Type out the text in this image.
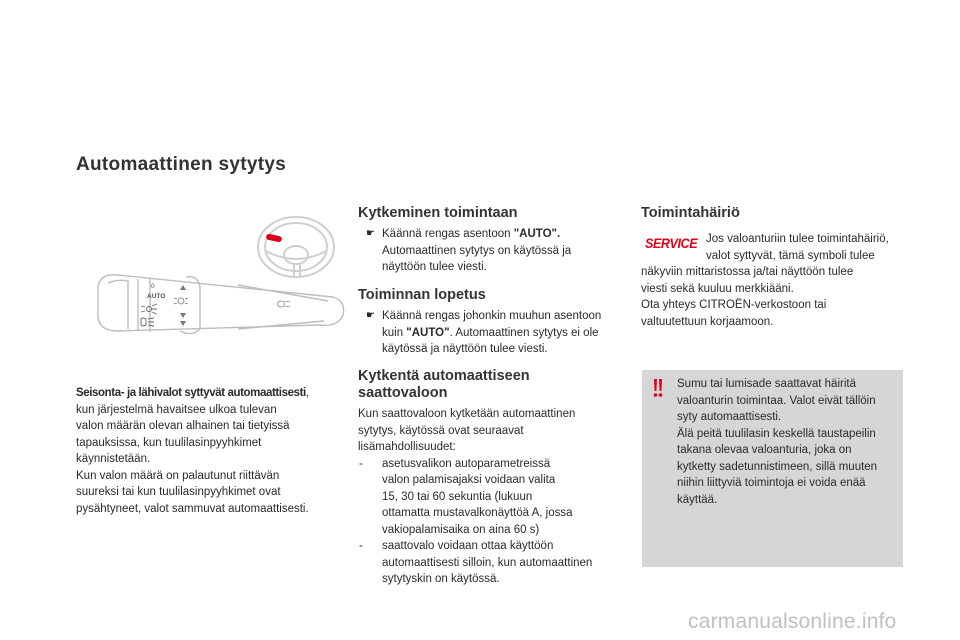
Automaattinen sytytys
AUTO
0

Seisonta- ja lähivalot syttyvät automaattisesti,

kun järjestelmä havaitsee ulkoa tulevan

valon määrän olevan alhainen tai tietyissä

tapauksissa, kun tuulilasinpyyhkimet

käynnistetään.

Kun valon määrä on palautunut riittävän

suureksi tai kun tuulilasinpyyhkimet ovat

pysähtyneet, valot sammuvat automaattisesti.

Kytkeminen toimintaan
☛ Käännä rengas asentoon "AUTO".

Automaattinen sytytys on käytössä ja

näyttöön tulee viesti.

Toiminnan lopetus
☛ Käännä rengas johonkin muuhun asentoon

kuin "AUTO". Automaattinen sytytys ei ole

käytössä ja näyttöön tulee viesti.

Kytkentä automaattiseen
saattovaloon

Kun saattovaloon kytketään automaattinen

sytytys, käytössä ovat seuraavat

lisämahdollisuudet:

- asetusvalikon autoparametreissä

valon palamisajaksi voidaan valita

15, 30 tai 60 sekuntia (lukuun

ottamatta mustavalkonäyttöä A, jossa

vakiopalamisaika on aina 60 s)

- saattovalo voidaan ottaa käyttöön

automaattisesti silloin, kun automaattinen

sytytyskin on käytössä.

Toimintahäiriö
SERVICE Jos valoanturiin tulee toimintahäiriö,

valot syttyvät, tämä symboli tulee

näkyviin mittaristossa ja/tai näyttöön tulee

viesti sekä kuuluu merkkiääni.

Ota yhteys CITROËN-verkostoon tai

valtuutettuun korjaamoon.

Sumu tai lumisade saattavat häiritä

valoanturin toimintaa. Valot eivät tällöin

syty automaattisesti.

Älä peitä tuulilasin keskellä taustapeilin

takana olevaa valoanturia, joka on

kytketty sadetunnistimeen, sillä muuten

niihin liittyviä toimintoja ei voida enää

käyttää.

carmanualsonline.info
